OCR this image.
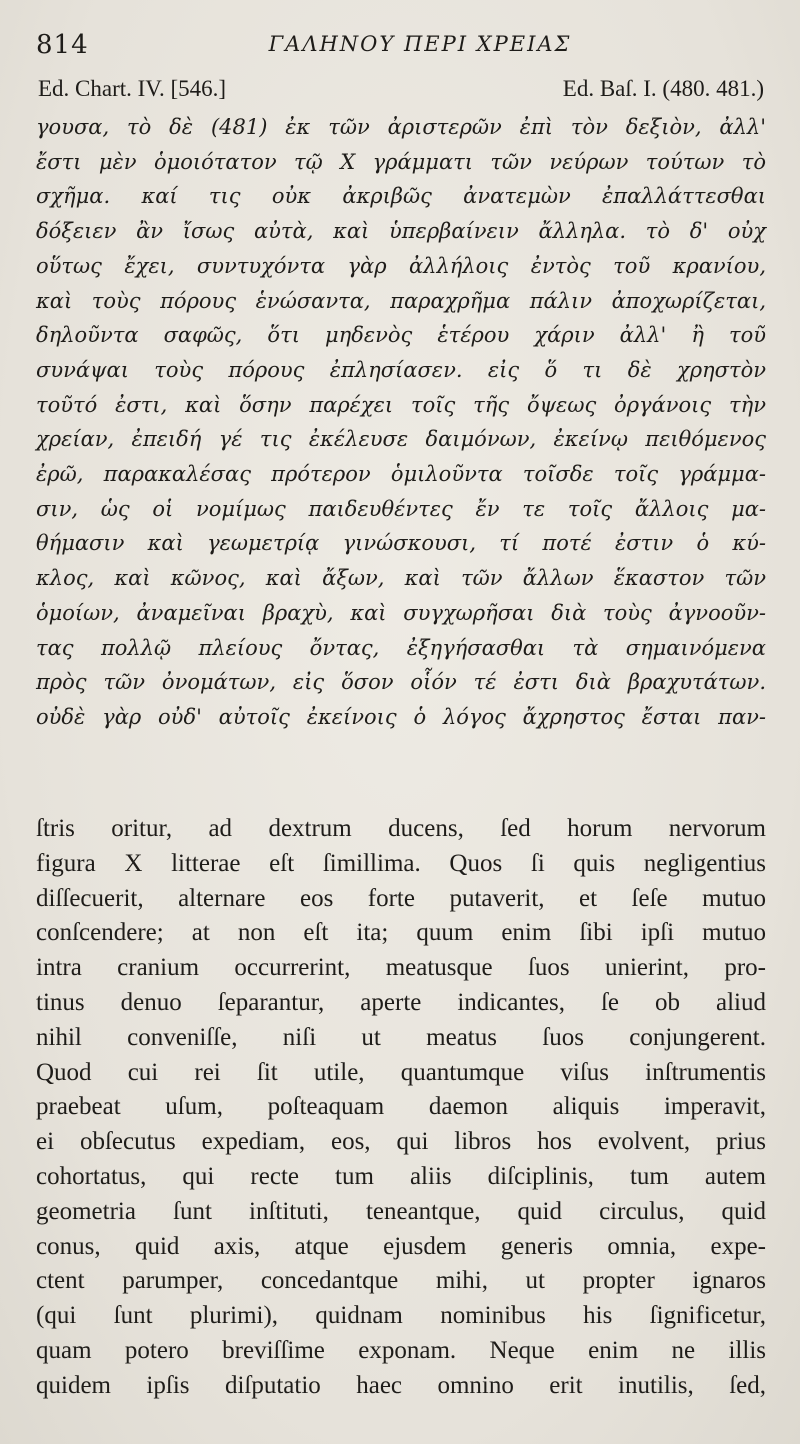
814	ΓΑΛΗΝΟΥ ΠΕΡΙ ΧΡΕΙΑΣ
Ed. Chart. IV. [546.]	Ed. Baſ. I. (480. 481.)
γουσα, τὸ δὲ (481) ἐκ τῶν ἀριστερῶν ἐπὶ τὸν δεξιὸν, ἀλλ'
ἔστι μὲν ὁμοιότατον τῷ Χ γράμματι τῶν νεύρων τούτων τὸ
σχῆμα. καί τις οὐκ ἀκριβῶς ἀνατεμὼν ἐπαλλάττεσθαι
δόξειεν ἂν ἴσως αὐτὰ, καὶ ὑπερβαίνειν ἄλληλα. τὸ δ' οὐχ
οὕτως ἔχει, συντυχόντα γὰρ ἀλλήλοις ἐντὸς τοῦ κρανίου,
καὶ τοὺς πόρους ἑνώσαντα, παραχρῆμα πάλιν ἀποχωρίζεται,
δηλοῦντα σαφῶς, ὅτι μηδενὸς ἑτέρου χάριν ἀλλ' ἢ τοῦ
συνάψαι τοὺς πόρους ἐπλησίασεν. εἰς ὅ τι δὲ χρηστὸν
τοῦτό ἐστι, καὶ ὅσην παρέχει τοῖς τῆς ὄψεως ὀργάνοις τὴν
χρείαν, ἐπειδή γέ τις ἐκέλευσε δαιμόνων, ἐκείνῳ πειθόμενος
ἐρῶ, παρακαλέσας πρότερον ὁμιλοῦντα τοῖσδε τοῖς γράμμα-
σιν, ὡς οἱ νομίμως παιδευθέντες ἔν τε τοῖς ἄλλοις μα-
θήμασιν καὶ γεωμετρίᾳ γινώσκουσι, τί ποτέ ἐστιν ὁ κύ-
κλος, καὶ κῶνος, καὶ ἄξων, καὶ τῶν ἄλλων ἕκαστον τῶν
ὁμοίων, ἀναμεῖναι βραχὺ, καὶ συγχωρῆσαι διὰ τοὺς ἀγνοοῦν-
τας πολλῷ πλείους ὄντας, ἐξηγήσασθαι τὰ σημαινόμενα
πρὸς τῶν ὀνομάτων, εἰς ὅσον οἷόν τέ ἐστι διὰ βραχυτάτων.
οὐδὲ γὰρ οὐδ' αὐτοῖς ἐκείνοις ὁ λόγος ἄχρηστος ἔσται παν-
ſtris oritur, ad dextrum ducens, ſed horum nervorum
figura X litterae eſt ſimillima. Quos ſi quis negligentius
diſſecuerit, alternare eos forte putaverit, et ſeſe mutuo
conſcendere; at non eſt ita; quum enim ſibi ipſi mutuo
intra cranium occurrerint, meatusque ſuos unierint, pro-
tinus denuo ſeparantur, aperte indicantes, ſe ob aliud
nihil conveniſſe, niſi ut meatus ſuos conjungerent.
Quod cui rei ſit utile, quantumque viſus inſtrumentis
praebeat uſum, poſteaquam daemon aliquis imperavit,
ei obſecutus expediam, eos, qui libros hos evolvent, prius
cohortatus, qui recte tum aliis diſciplinis, tum autem
geometria ſunt inſtituti, teneantque, quid circulus, quid
conus, quid axis, atque ejusdem generis omnia, expe-
ctent parumper, concedantque mihi, ut propter ignaros
(qui ſunt plurimi), quidnam nominibus his ſignificetur,
quam potero breviſſime exponam. Neque enim ne illis
quidem ipſis diſputatio haec omnino erit inutilis, ſed,
